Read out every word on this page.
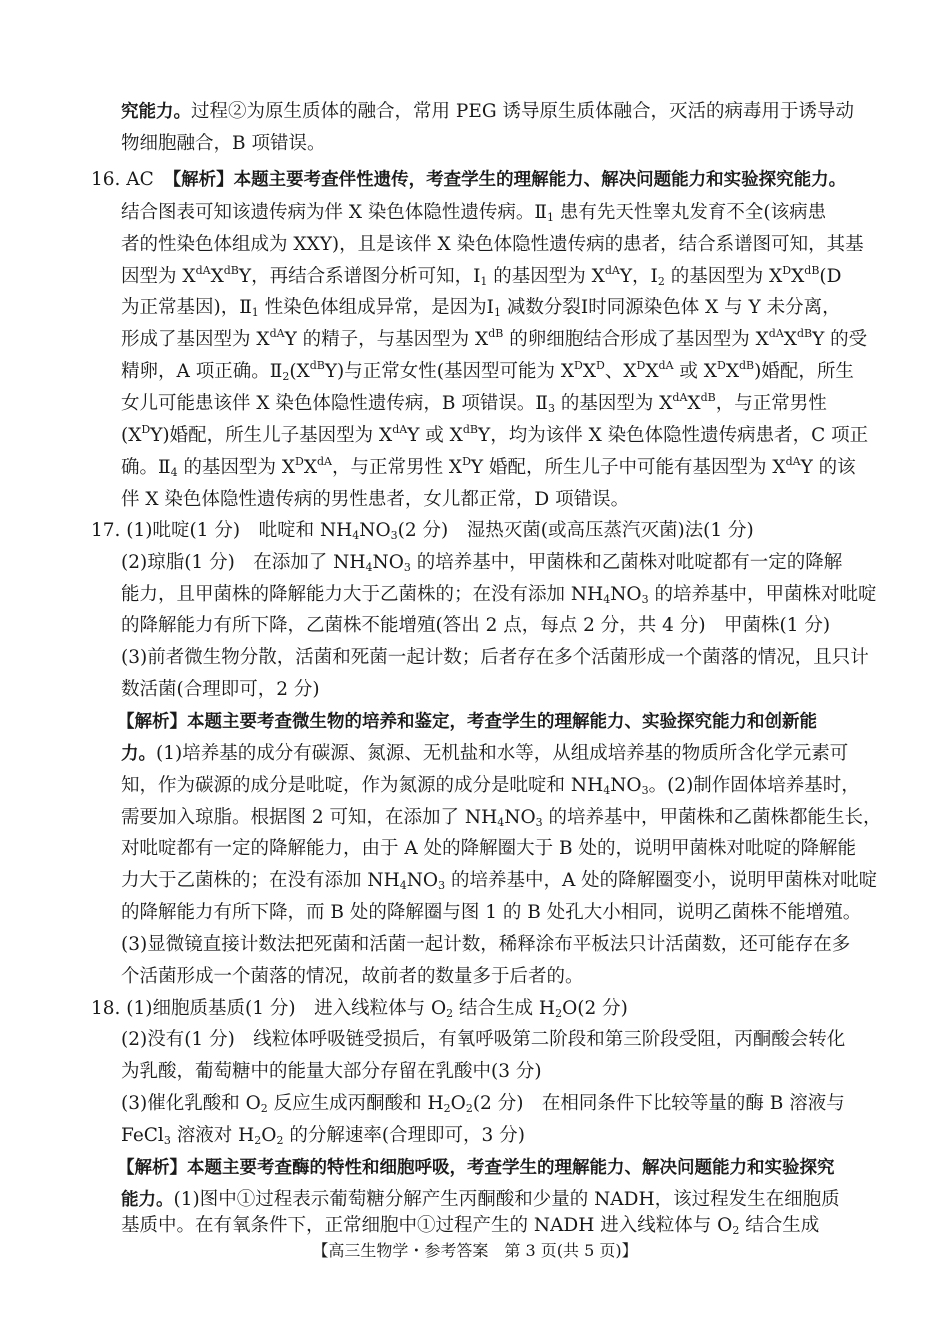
究能力。过程②为原生质体的融合，常用 PEG 诱导原生质体融合，灭活的病毒用于诱导动
物细胞融合，B 项错误。
16. AC　【解析】本题主要考查伴性遗传，考查学生的理解能力、解决问题能力和实验探究能力。
结合图表可知该遗传病为伴 X 染色体隐性遗传病。$Ⅱ_1$ 患有先天性睾丸发育不全(该病患
者的性染色体组成为 XXY)，且是该伴 X 染色体隐性遗传病的患者，结合系谱图可知，其基
因型为 $X^{dA}X^{dB}Y$，再结合系谱图分析可知，$Ⅰ_1$ 的基因型为 $X^{dA}Y$，$Ⅰ_2$ 的基因型为 $X^DX^{dB}(D$
为正常基因)，$Ⅱ_1$ 性染色体组成异常，是因为$Ⅰ_1$ 减数分裂Ⅰ时同源染色体 X 与 Y 未分离，
形成了基因型为 $X^{dA}Y$ 的精子，与基因型为 $X^{dB}$ 的卵细胞结合形成了基因型为 $X^{dA}X^{dB}Y$ 的受
精卵，A 项正确。$Ⅱ_2(X^{dB}Y)$与正常女性(基因型可能为 $X^DX^D$、$X^DX^{dA}$ 或 $X^DX^{dB}$)婚配，所生
女儿可能患该伴 X 染色体隐性遗传病，B 项错误。$Ⅱ_3$ 的基因型为 $X^{dA}X^{dB}$，与正常男性
$(X^DY)$婚配，所生儿子基因型为 $X^{dA}Y$ 或 $X^{dB}Y$，均为该伴 X 染色体隐性遗传病患者，C 项正
确。$Ⅱ_4$ 的基因型为 $X^DX^{dA}$，与正常男性 $X^DY$ 婚配，所生儿子中可能有基因型为 $X^{dA}Y$ 的该
伴 X 染色体隐性遗传病的男性患者，女儿都正常，D 项错误。
17. (1)吡啶(1 分)　吡啶和 $NH_4NO_3(2$ 分)　湿热灭菌(或高压蒸汽灭菌)法(1 分)
(2)琼脂(1 分)　在添加了 $NH_4NO_3$ 的培养基中，甲菌株和乙菌株对吡啶都有一定的降解
能力，且甲菌株的降解能力大于乙菌株的；在没有添加 $NH_4NO_3$ 的培养基中，甲菌株对吡啶
的降解能力有所下降，乙菌株不能增殖(答出 2 点，每点 2 分，共 4 分)　甲菌株(1 分)
(3)前者微生物分散，活菌和死菌一起计数；后者存在多个活菌形成一个菌落的情况，且只计
数活菌(合理即可，2 分)
【解析】本题主要考查微生物的培养和鉴定，考查学生的理解能力、实验探究能力和创新能
力。(1)培养基的成分有碳源、氮源、无机盐和水等，从组成培养基的物质所含化学元素可
知，作为碳源的成分是吡啶，作为氮源的成分是吡啶和 $NH_4NO_3$。(2)制作固体培养基时，
需要加入琼脂。根据图 2 可知，在添加了 $NH_4NO_3$ 的培养基中，甲菌株和乙菌株都能生长，
对吡啶都有一定的降解能力，由于 A 处的降解圈大于 B 处的，说明甲菌株对吡啶的降解能
力大于乙菌株的；在没有添加 $NH_4NO_3$ 的培养基中，A 处的降解圈变小，说明甲菌株对吡啶
的降解能力有所下降，而 B 处的降解圈与图 1 的 B 处孔大小相同，说明乙菌株不能增殖。
(3)显微镜直接计数法把死菌和活菌一起计数，稀释涂布平板法只计活菌数，还可能存在多
个活菌形成一个菌落的情况，故前者的数量多于后者的。
18. (1)细胞质基质(1 分)　进入线粒体与 $O_2$ 结合生成 $H_2O(2$ 分)
(2)没有(1 分)　线粒体呼吸链受损后，有氧呼吸第二阶段和第三阶段受阻，丙酮酸会转化
为乳酸，葡萄糖中的能量大部分存留在乳酸中(3 分)
(3)催化乳酸和 $O_2$ 反应生成丙酮酸和 $H_2O_2(2$ 分)　在相同条件下比较等量的酶 B 溶液与
FeCl$_3$ 溶液对 $H_2O_2$ 的分解速率(合理即可，3 分)
【解析】本题主要考查酶的特性和细胞呼吸，考查学生的理解能力、解决问题能力和实验探究
能力。(1)图中①过程表示葡萄糖分解产生丙酮酸和少量的 NADH，该过程发生在细胞质
基质中。在有氧条件下，正常细胞中①过程产生的 NADH 进入线粒体与 $O_2$ 结合生成
【高三生物学・参考答案　第 3 页(共 5 页)】
